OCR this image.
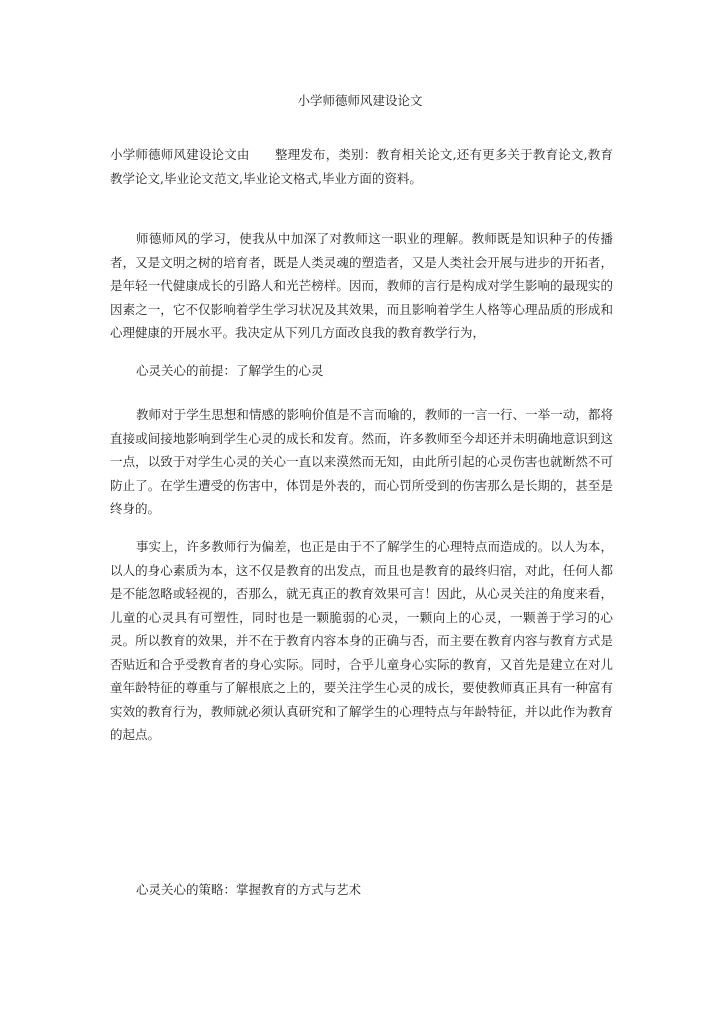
小学师德师风建设论文

小学师德师风建设论文由　　整理发布，类别：教育相关论文,还有更多关于教育论文,教育教学论文,毕业论文范文,毕业论文格式,毕业方面的资料。

师德师风的学习，使我从中加深了对教师这一职业的理解。教师既是知识种子的传播者，又是文明之树的培育者，既是人类灵魂的塑造者，又是人类社会开展与进步的开拓者，是年轻一代健康成长的引路人和光芒榜样。因而，教师的言行是构成对学生影响的最现实的因素之一，它不仅影响着学生学习状况及其效果，而且影响着学生人格等心理品质的形成和心理健康的开展水平。我决定从下列几方面改良我的教育教学行为，

心灵关心的前提：了解学生的心灵

教师对于学生思想和情感的影响价值是不言而喻的，教师的一言一行、一举一动，都将直接或间接地影响到学生心灵的成长和发育。然而，许多教师至今却还并未明确地意识到这一点，以致于对学生心灵的关心一直以来漠然而无知，由此所引起的心灵伤害也就断然不可防止了。在学生遭受的伤害中，体罚是外表的，而心罚所受到的伤害那么是长期的，甚至是终身的。

事实上，许多教师行为偏差，也正是由于不了解学生的心理特点而造成的。以人为本，以人的身心素质为本，这不仅是教育的出发点，而且也是教育的最终归宿，对此，任何人都是不能忽略或轻视的，否那么，就无真正的教育效果可言！因此，从心灵关注的角度来看，儿童的心灵具有可塑性，同时也是一颗脆弱的心灵，一颗向上的心灵，一颗善于学习的心灵。所以教育的效果，并不在于教育内容本身的正确与否，而主要在教育内容与教育方式是否贴近和合乎受教育者的身心实际。同时，合乎儿童身心实际的教育，又首先是建立在对儿童年龄特征的尊重与了解根底之上的，要关注学生心灵的成长，要使教师真正具有一种富有实效的教育行为，教师就必须认真研究和了解学生的心理特点与年龄特征，并以此作为教育的起点。

心灵关心的策略：掌握教育的方式与艺术
